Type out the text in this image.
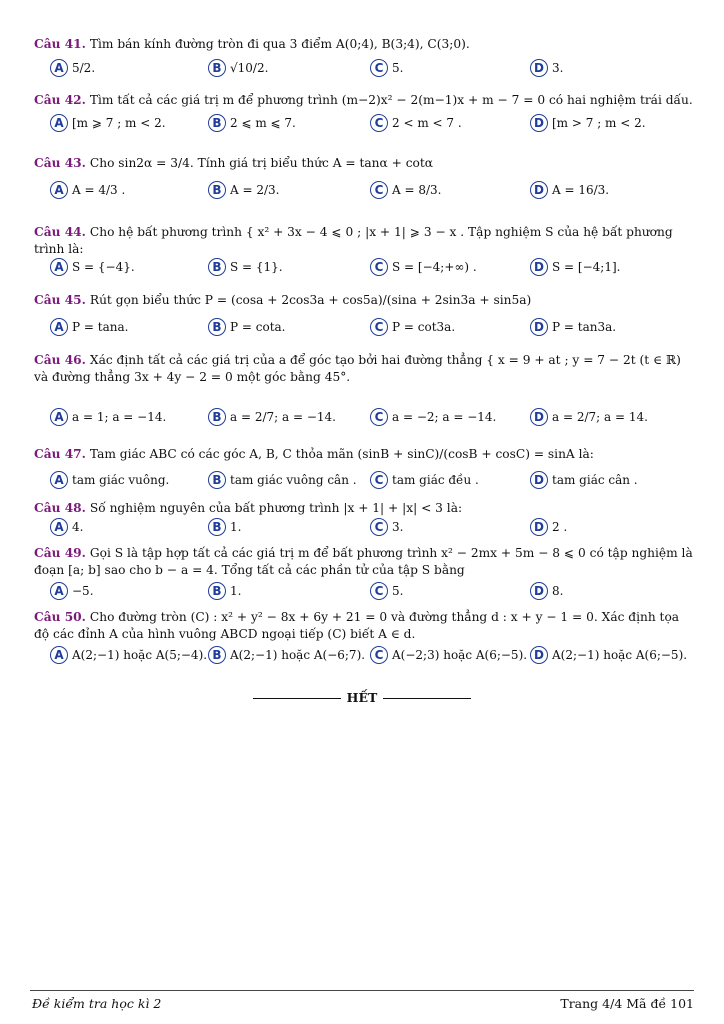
Câu 41. Tìm bán kính đường tròn đi qua 3 điểm A(0;4), B(3;4), C(3;0).
A 5/2.	B √10/2.	C 5.	D 3.
Câu 42. Tìm tất cả các giá trị m để phương trình (m−2)x² − 2(m−1)x + m − 7 = 0 có hai nghiệm trái dấu.
A [m ⩾ 7 ; m < 2.	B 2 ⩽ m ⩽ 7.	C 2 < m < 7 .	D [m > 7 ; m < 2.
Câu 43. Cho sin2α = 3/4. Tính giá trị biểu thức A = tanα + cotα
A A = 4/3 .	B A = 2/3.	C A = 8/3.	D A = 16/3.
Câu 44. Cho hệ bất phương trình { x² + 3x − 4 ⩽ 0 ; |x + 1| ⩾ 3 − x . Tập nghiệm S của hệ bất phương trình là:
A S = {−4}.	B S = {1}.	C S = [−4;+∞) .	D S = [−4;1].
Câu 45. Rút gọn biểu thức P = (cosa + 2cos3a + cos5a)/(sina + 2sin3a + sin5a)
A P = tana.	B P = cota.	C P = cot3a.	D P = tan3a.
Câu 46. Xác định tất cả các giá trị của a để góc tạo bởi hai đường thẳng { x = 9 + at ; y = 7 − 2t (t ∈ ℝ) và đường thẳng 3x + 4y − 2 = 0 một góc bằng 45°.
A a = 1; a = −14.	B a = 2/7; a = −14.	C a = −2; a = −14.	D a = 2/7; a = 14.
Câu 47. Tam giác ABC có các góc A, B, C thỏa mãn (sinB + sinC)/(cosB + cosC) = sinA là:
A tam giác vuông.	B tam giác vuông cân .	C tam giác đều .	D tam giác cân .
Câu 48. Số nghiệm nguyên của bất phương trình |x + 1| + |x| < 3 là:
A 4.	B 1.	C 3.	D 2 .
Câu 49. Gọi S là tập hợp tất cả các giá trị m để bất phương trình x² − 2mx + 5m − 8 ⩽ 0 có tập nghiệm là đoạn [a; b] sao cho b − a = 4. Tổng tất cả các phần tử của tập S bằng
A −5.	B 1.	C 5.	D 8.
Câu 50. Cho đường tròn (C) : x² + y² − 8x + 6y + 21 = 0 và đường thẳng d : x + y − 1 = 0. Xác định tọa độ các đỉnh A của hình vuông ABCD ngoại tiếp (C) biết A ∈ d.
A A(2;−1) hoặc A(5;−4). B A(2;−1) hoặc A(−6;7). C A(−2;3) hoặc A(6;−5). D A(2;−1) hoặc A(6;−5).
HẾT
Đề kiểm tra học kì 2	Trang 4/4 Mã đề 101
